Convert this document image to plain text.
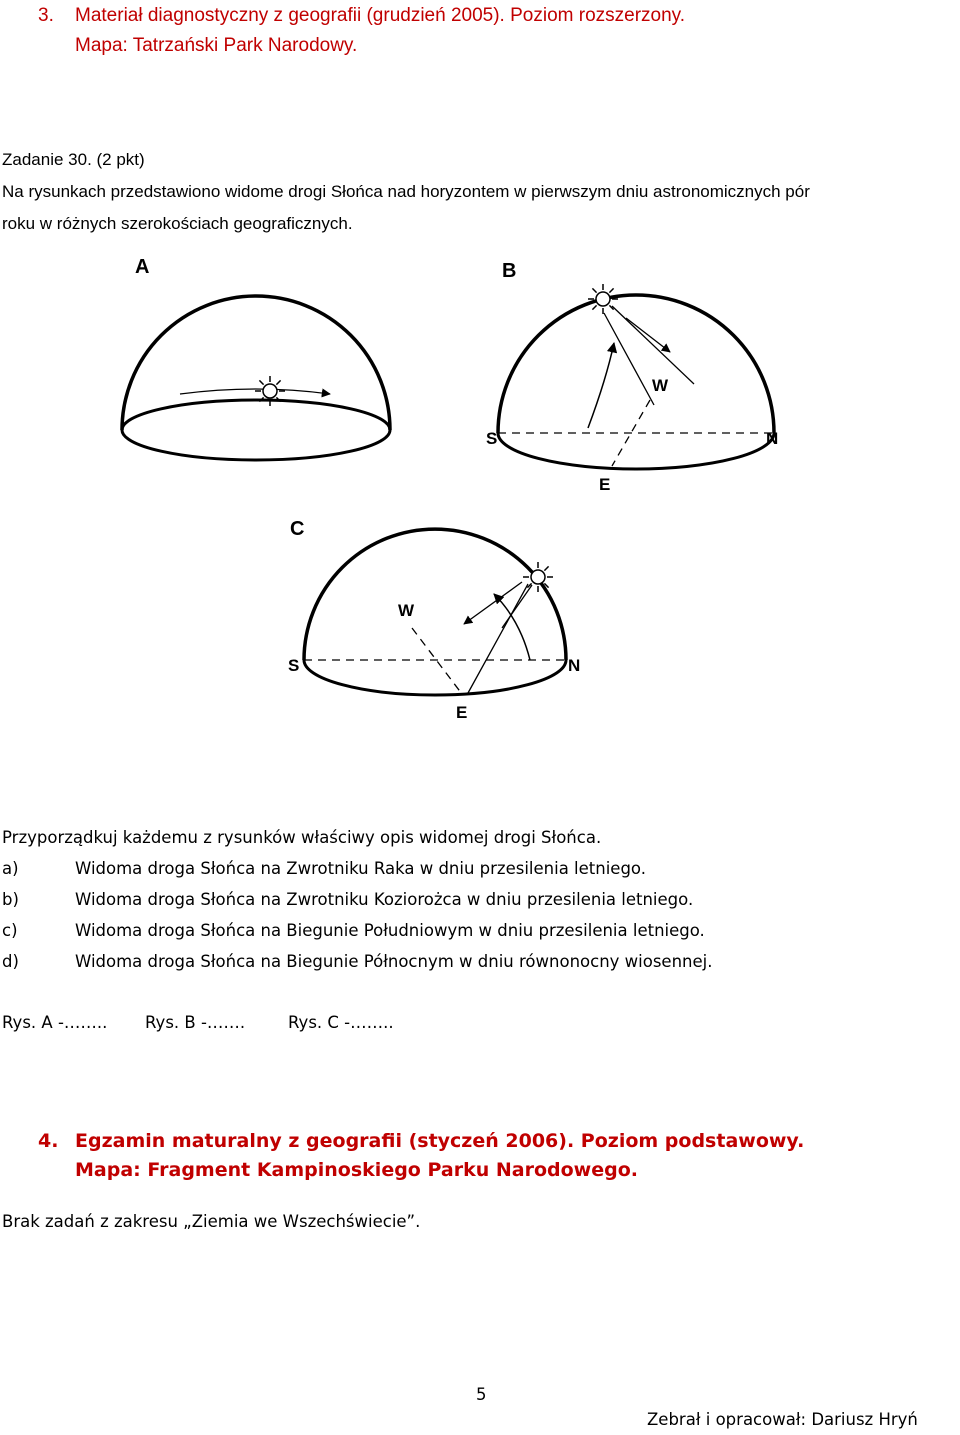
3. Materiał diagnostyczny z geografii (grudzień 2005). Poziom rozszerzony.
Mapa: Tatrzański Park Narodowy.
Zadanie 30. (2 pkt)
Na rysunkach przedstawiono widome drogi Słońca nad horyzontem w pierwszym dniu astronomicznych pór
roku w różnych szerokościach geograficznych.
A	B
W
S	N
E
C
W
S	N
E
Przyporządkuj każdemu z rysunków właściwy opis widomej drogi Słońca.
a)	Widoma droga Słońca na Zwrotniku Raka w dniu przesilenia letniego.
b)	Widoma droga Słońca na Zwrotniku Koziorożca w dniu przesilenia letniego.
c)	Widoma droga Słońca na Biegunie Południowym w dniu przesilenia letniego.
d)	Widoma droga Słońca na Biegunie Północnym w dniu równonocny wiosennej.
Rys. A -…….. Rys. B -…….	Rys. C -……..
4. Egzamin maturalny z geografii (styczeń 2006). Poziom podstawowy.
Mapa: Fragment Kampinoskiego Parku Narodowego.
Brak zadań z zakresu „Ziemia we Wszechświecie”.
5
Zebrał i opracował: Dariusz Hryń
